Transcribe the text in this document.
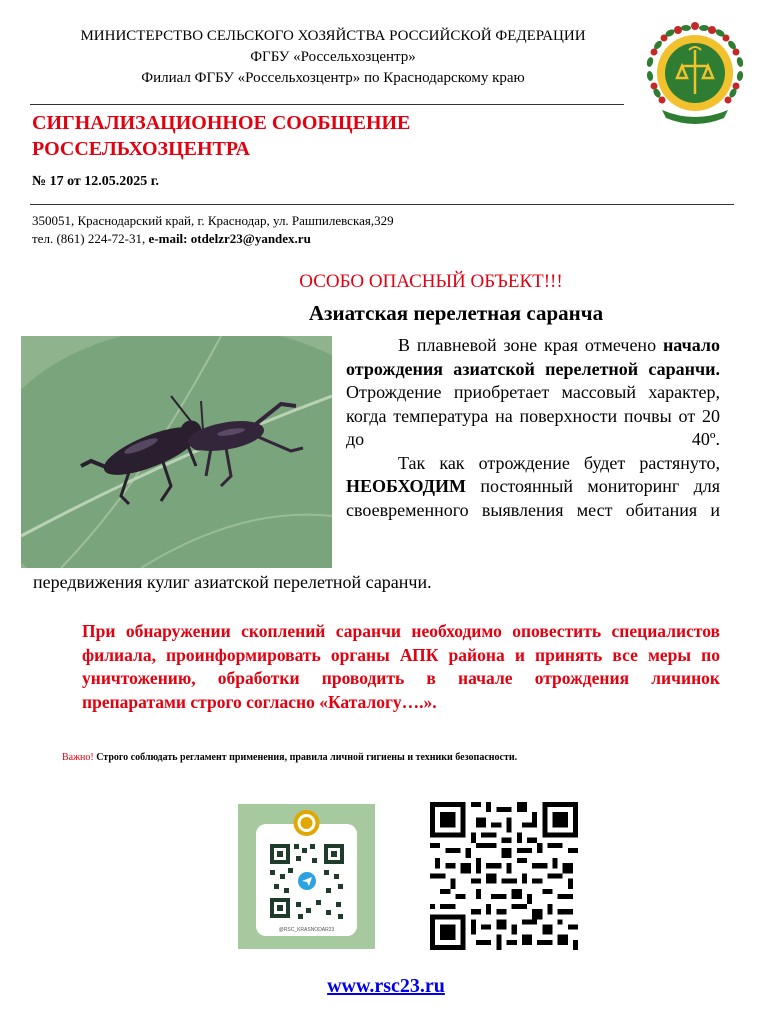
МИНИСТЕРСТВО СЕЛЬСКОГО ХОЗЯЙСТВА РОССИЙСКОЙ ФЕДЕРАЦИИ
ФГБУ «Россельхозцентр»
Филиал ФГБУ «Россельхозцентр» по Краснодарскому краю
СИГНАЛИЗАЦИОННОЕ СООБЩЕНИЕ
РОССЕЛЬХОЗЦЕНТРА
№ 17 от 12.05.2025 г.
350051, Краснодарский край, г. Краснодар, ул. Рашпилевская,329
тел. (861) 224-72-31, e-mail: otdelzr23@yandex.ru
ОСОБО ОПАСНЫЙ ОБЪЕКТ!!!
Азиатская перелетная саранча

В плавневой зоне края отмечено начало отрождения азиатской перелетной саранчи. Отрождение приобретает массовый характер, когда температура на поверхности почвы от 20 до 40º.

Так как отрождение будет растянуто, НЕОБХОДИМ постоянный мониторинг для своевременного выявления мест обитания и

передвижения кулиг азиатской перелетной саранчи.
При обнаружении скоплений саранчи необходимо оповестить специалистов филиала, проинформировать органы АПК района и принять все меры по уничтожению, обработки проводить в начале отрождения личинок препаратами строго согласно «Каталогу….».
Важно! Строго соблюдать регламент применения, правила личной гигиены и техники безопасности.
@RSC_KRASNODAR23
www.rsc23.ru
